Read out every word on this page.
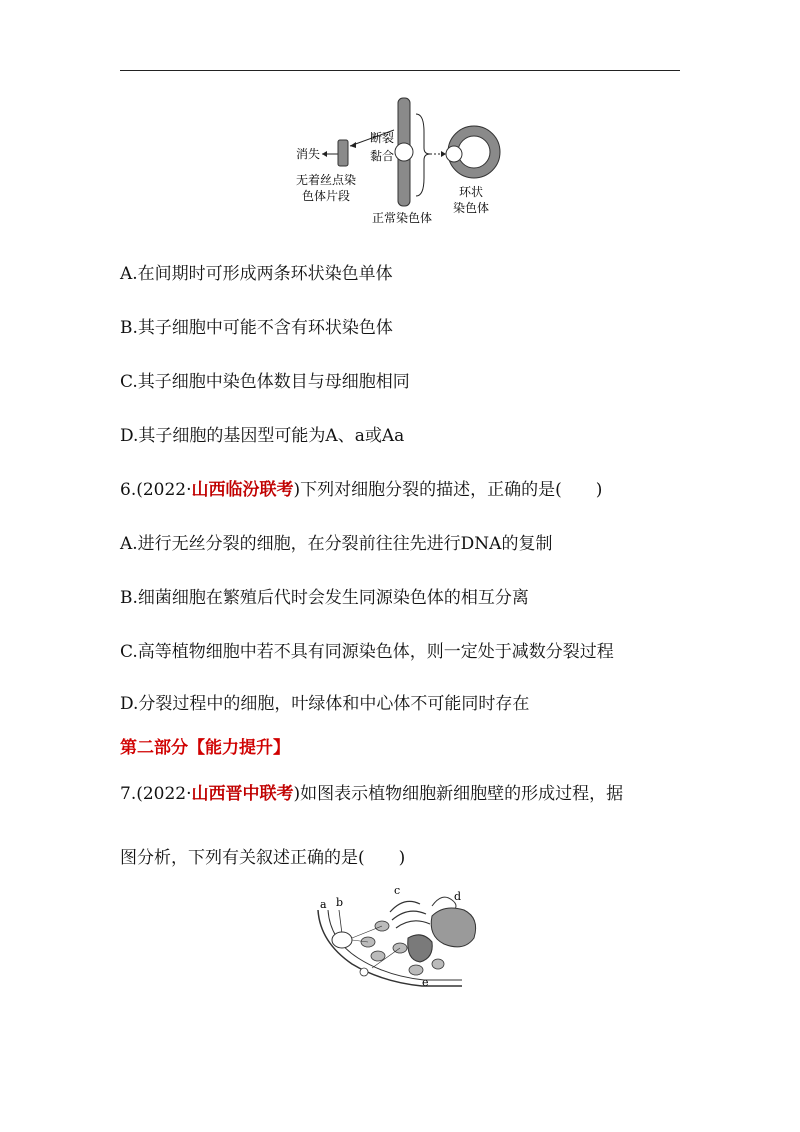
消失
无着丝点染
色体片段
断裂
黏合
正常染色体
环状
染色体
A.在间期时可形成两条环状染色单体
B.其子细胞中可能不含有环状染色体
C.其子细胞中染色体数目与母细胞相同
D.其子细胞的基因型可能为A、a或Aa
6.(2022·山西临汾联考)下列对细胞分裂的描述，正确的是(　　)
A.进行无丝分裂的细胞，在分裂前往往先进行DNA的复制
B.细菌细胞在繁殖后代时会发生同源染色体的相互分离
C.高等植物细胞中若不具有同源染色体，则一定处于减数分裂过程
D.分裂过程中的细胞，叶绿体和中心体不可能同时存在
第二部分【能力提升】
7.(2022·山西晋中联考)如图表示植物细胞新细胞壁的形成过程，据
图分析，下列有关叙述正确的是(　　)
a b
c	d
e
